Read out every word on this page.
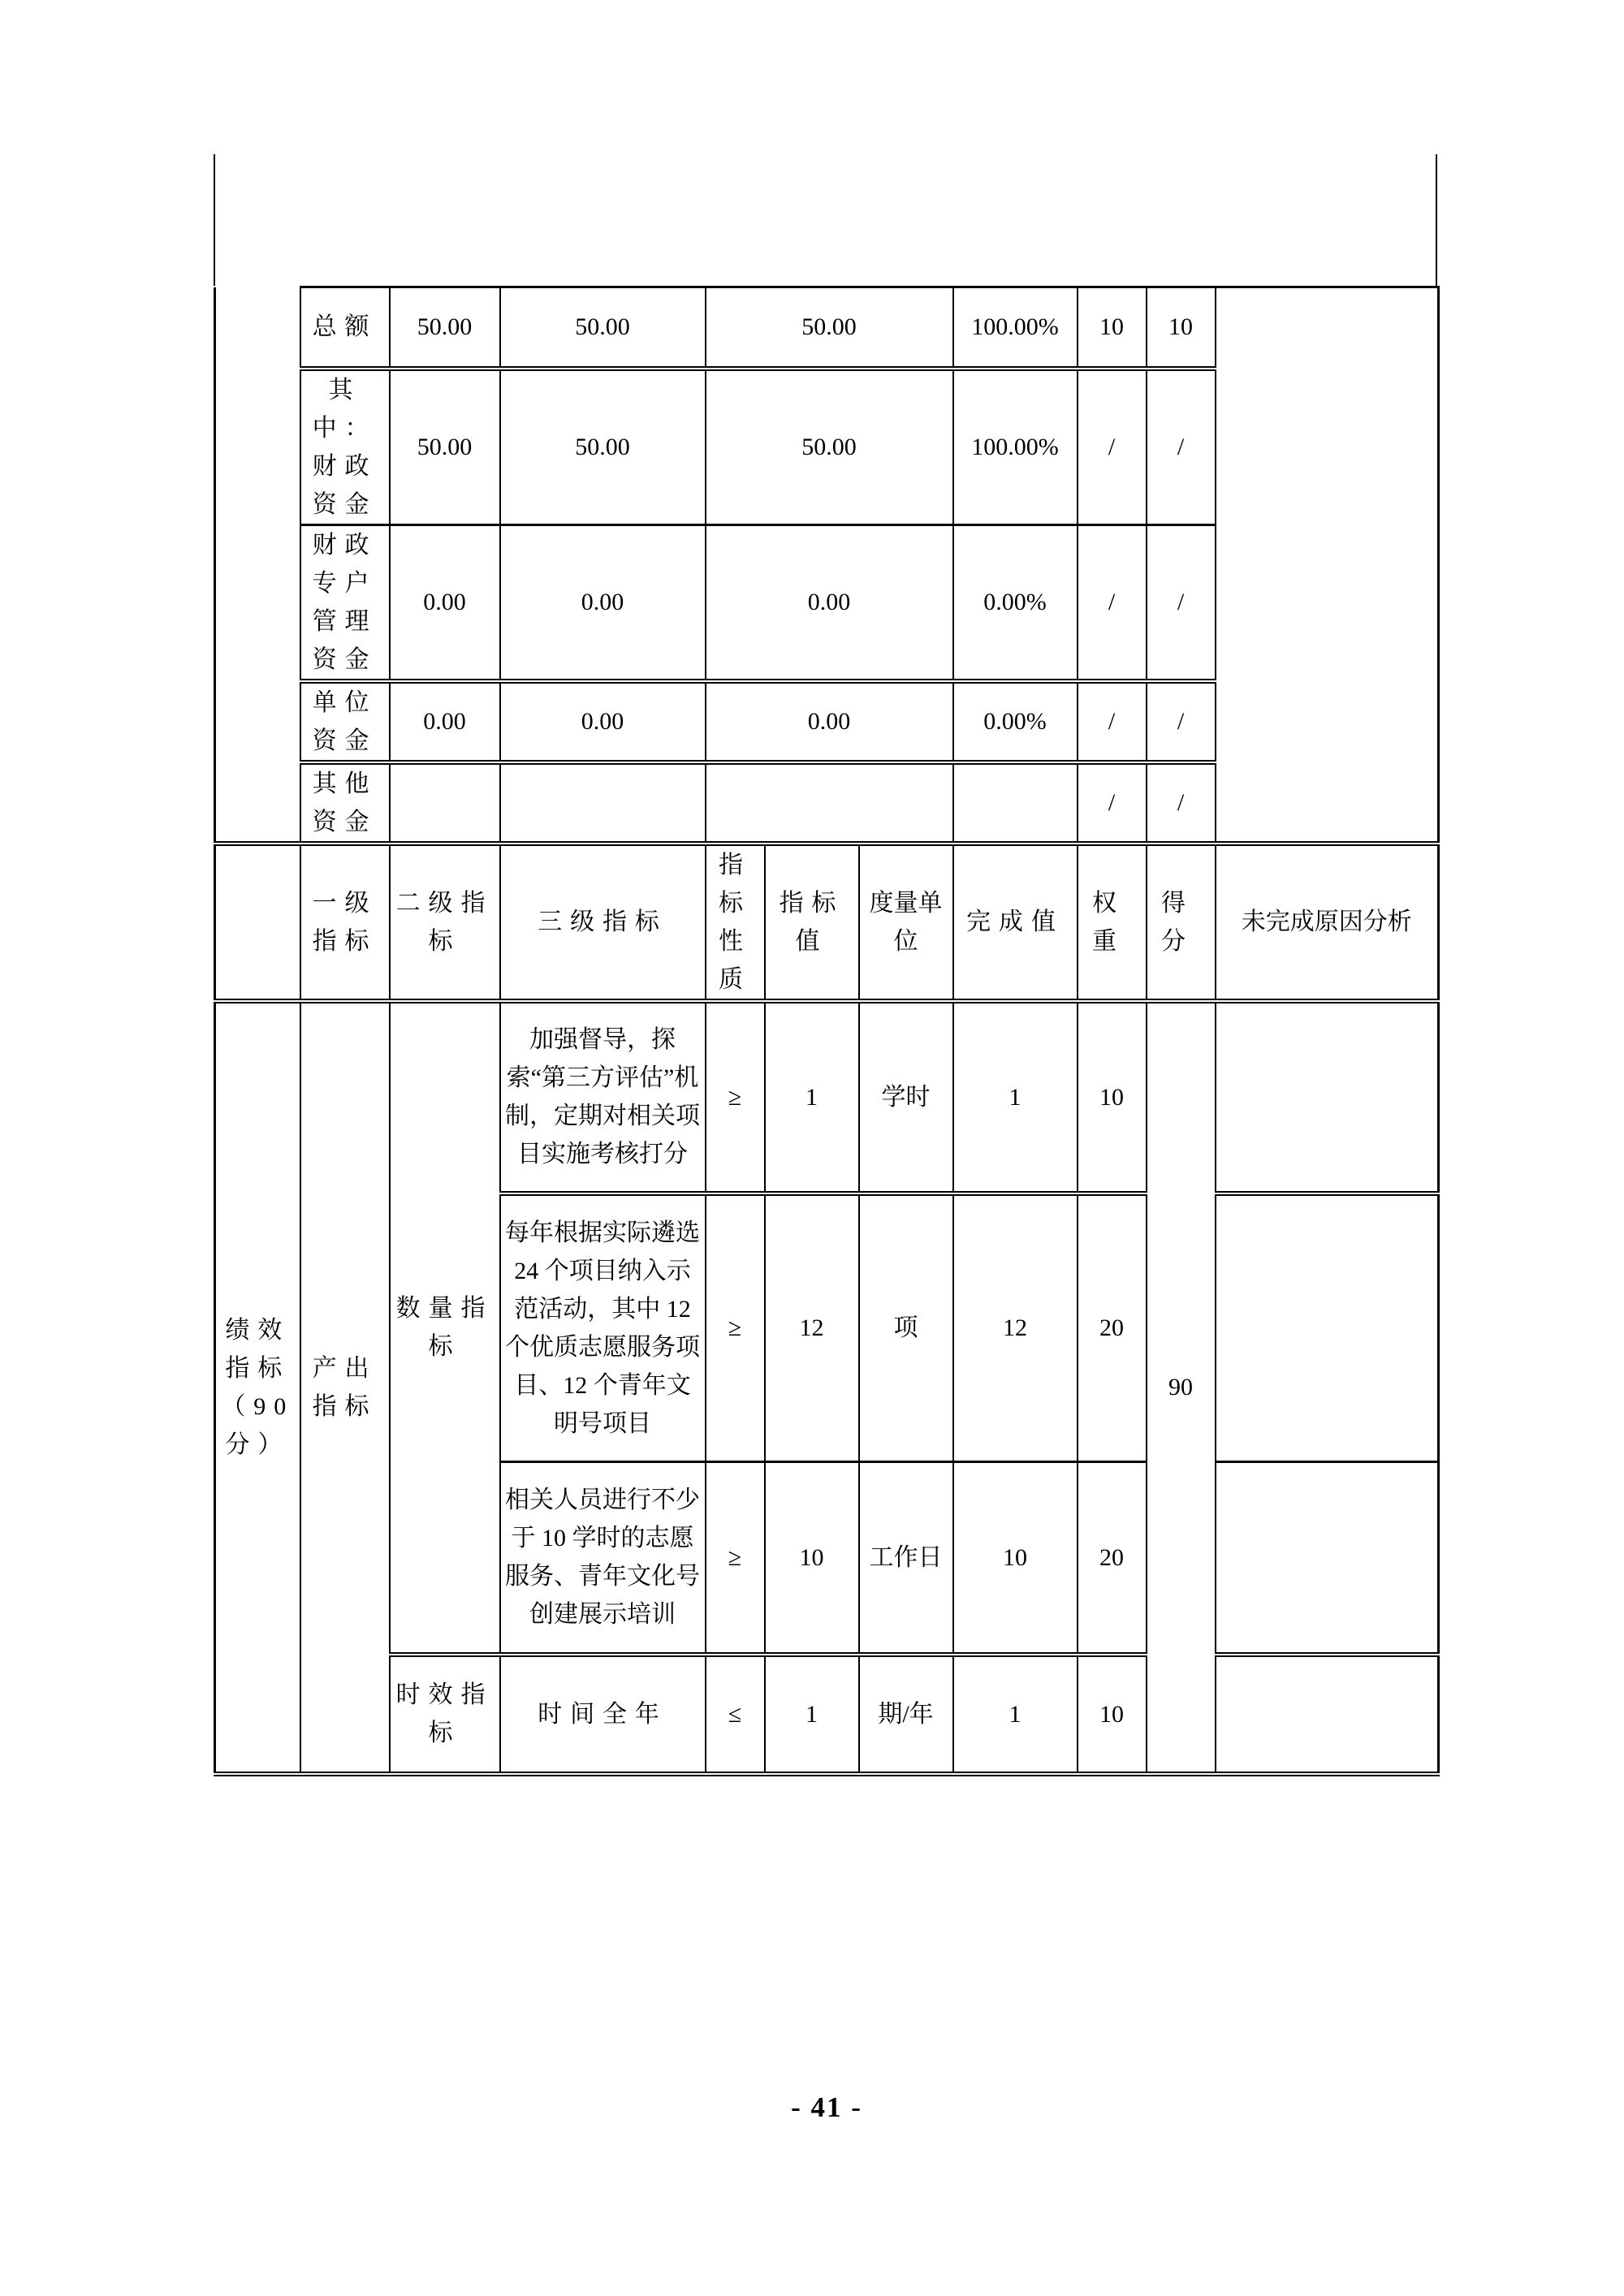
	总额	50.00	50.00	50.00	100.00%	10	10	
	其中：财政资金	50.00	50.00	50.00	100.00%	/	/	
	财政专户管理资金	0.00	0.00	0.00	0.00%	/	/	
	单位资金	0.00	0.00	0.00	0.00%	/	/	
	其他资金					/	/	
	一级指标	二级指标	三级指标	指标性质	指标值	度量单位	完成值	权重	得分	未完成原因分析
绩效指标（90分）	产出指标	数量指标	加强督导，探索“第三方评估”机制，定期对相关项目实施考核打分	≥	1	学时	1	10	90	
			每年根据实际遴选 24 个项目纳入示范活动，其中 12 个优质志愿服务项目、12 个青年文明号项目	≥	12	项	12	20		
			相关人员进行不少于 10 学时的志愿服务、青年文化号创建展示培训	≥	10	工作日	10	20		
		时效指标	时间全年	≤	1	期/年	1	10		
- 41 -
